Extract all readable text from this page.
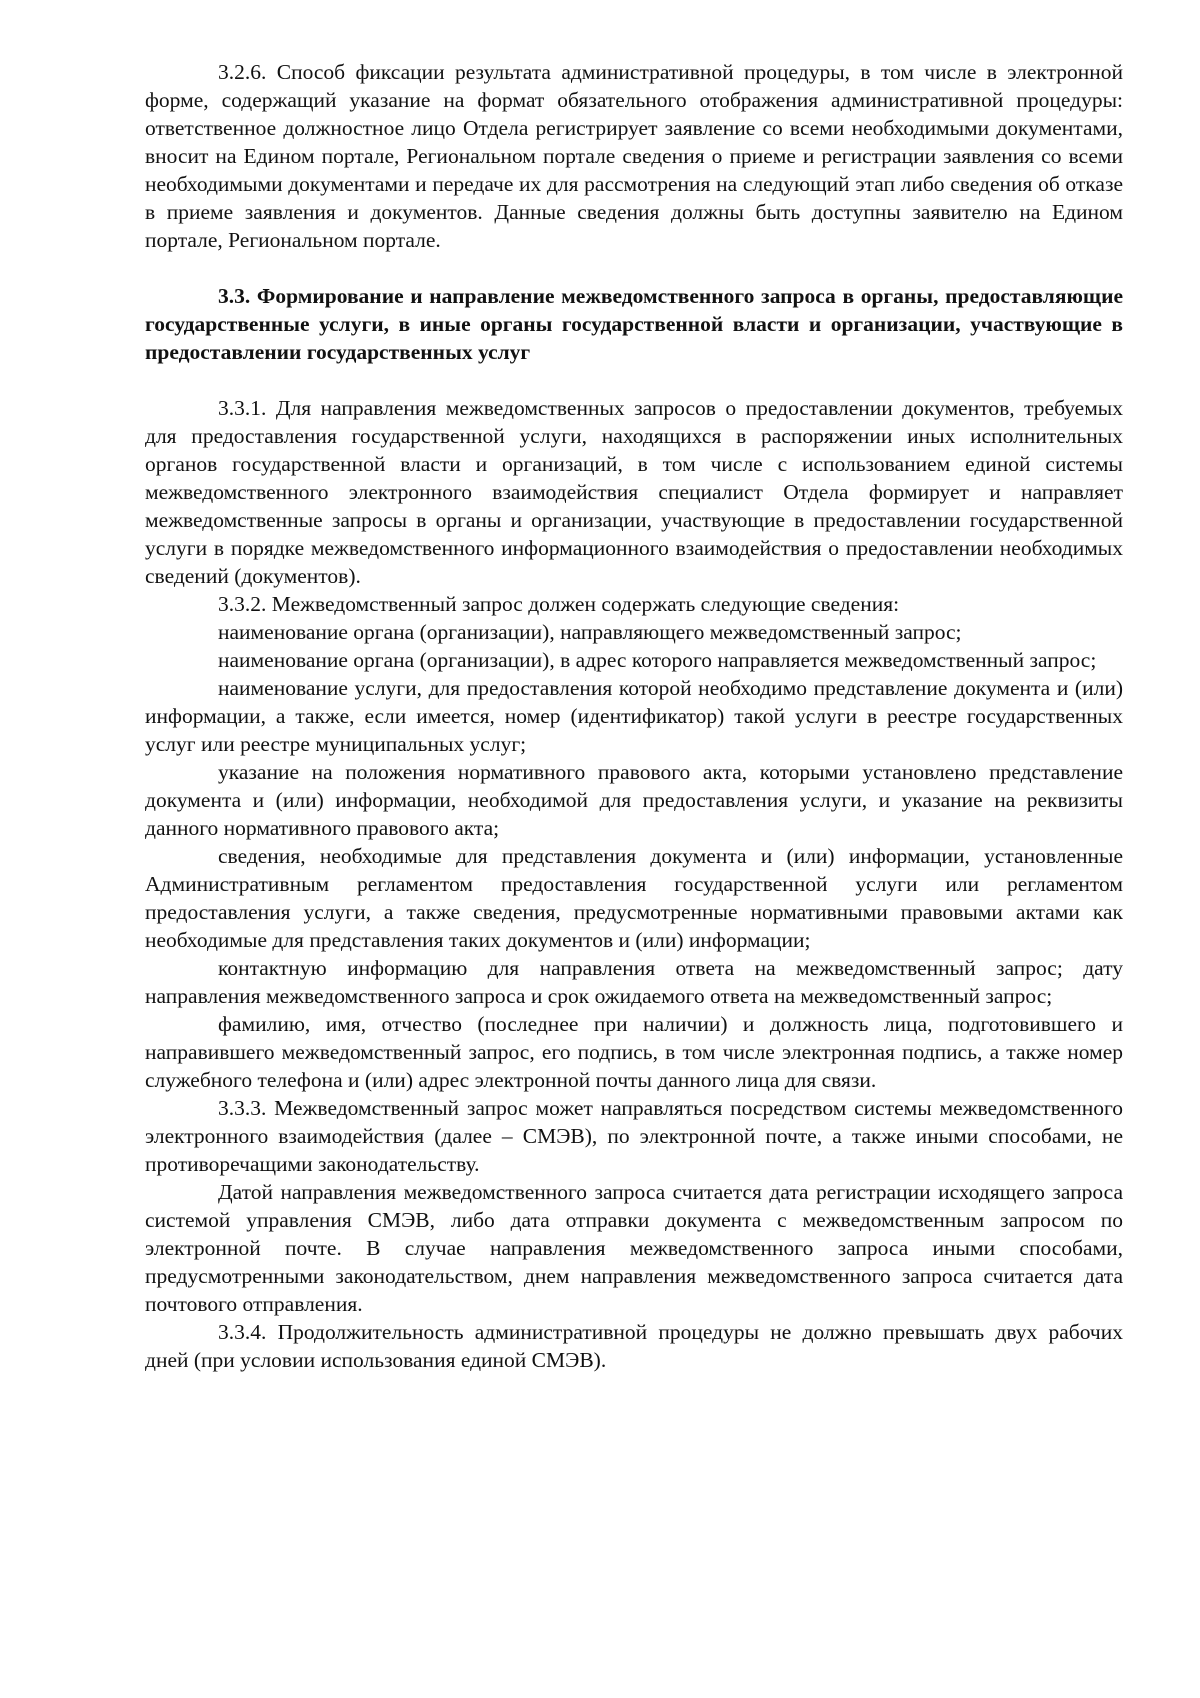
3.2.6. Способ фиксации результата административной процедуры, в том числе в электронной форме, содержащий указание на формат обязательного отображения административной процедуры: ответственное должностное лицо Отдела регистрирует заявление со всеми необходимыми документами, вносит на Едином портале, Региональном портале сведения о приеме и регистрации заявления со всеми необходимыми документами и передаче их для рассмотрения на следующий этап либо сведения об отказе в приеме заявления и документов. Данные сведения должны быть доступны заявителю на Едином портале, Региональном портале.

3.3. Формирование и направление межведомственного запроса в органы, предоставляющие государственные услуги, в иные органы государственной власти и организации, участвующие в предоставлении государственных услуг

3.3.1. Для направления межведомственных запросов о предоставлении документов, требуемых для предоставления государственной услуги, находящихся в распоряжении иных исполнительных органов государственной власти и организаций, в том числе с использованием единой системы межведомственного электронного взаимодействия специалист Отдела формирует и направляет межведомственные запросы в органы и организации, участвующие в предоставлении государственной услуги в порядке межведомственного информационного взаимодействия о предоставлении необходимых сведений (документов).

3.3.2. Межведомственный запрос должен содержать следующие сведения:

наименование органа (организации), направляющего межведомственный запрос;

наименование органа (организации), в адрес которого направляется межведомственный запрос;

наименование услуги, для предоставления которой необходимо представление документа и (или) информации, а также, если имеется, номер (идентификатор) такой услуги в реестре государственных услуг или реестре муниципальных услуг;

указание на положения нормативного правового акта, которыми установлено представление документа и (или) информации, необходимой для предоставления услуги, и указание на реквизиты данного нормативного правового акта;

сведения, необходимые для представления документа и (или) информации, установленные Административным регламентом предоставления государственной услуги или регламентом предоставления услуги, а также сведения, предусмотренные нормативными правовыми актами как необходимые для представления таких документов и (или) информации;

контактную информацию для направления ответа на межведомственный запрос; дату направления межведомственного запроса и срок ожидаемого ответа на межведомственный запрос;

фамилию, имя, отчество (последнее при наличии) и должность лица, подготовившего и направившего межведомственный запрос, его подпись, в том числе электронная подпись, а также номер служебного телефона и (или) адрес электронной почты данного лица для связи.

3.3.3. Межведомственный запрос может направляться посредством системы межведомственного электронного взаимодействия (далее – СМЭВ), по электронной почте, а также иными способами, не противоречащими законодательству.

Датой направления межведомственного запроса считается дата регистрации исходящего запроса системой управления СМЭВ, либо дата отправки документа с межведомственным запросом по электронной почте. В случае направления межведомственного запроса иными способами, предусмотренными законодательством, днем направления межведомственного запроса считается дата почтового отправления.

3.3.4. Продолжительность административной процедуры не должно превышать двух рабочих дней (при условии использования единой СМЭВ).
